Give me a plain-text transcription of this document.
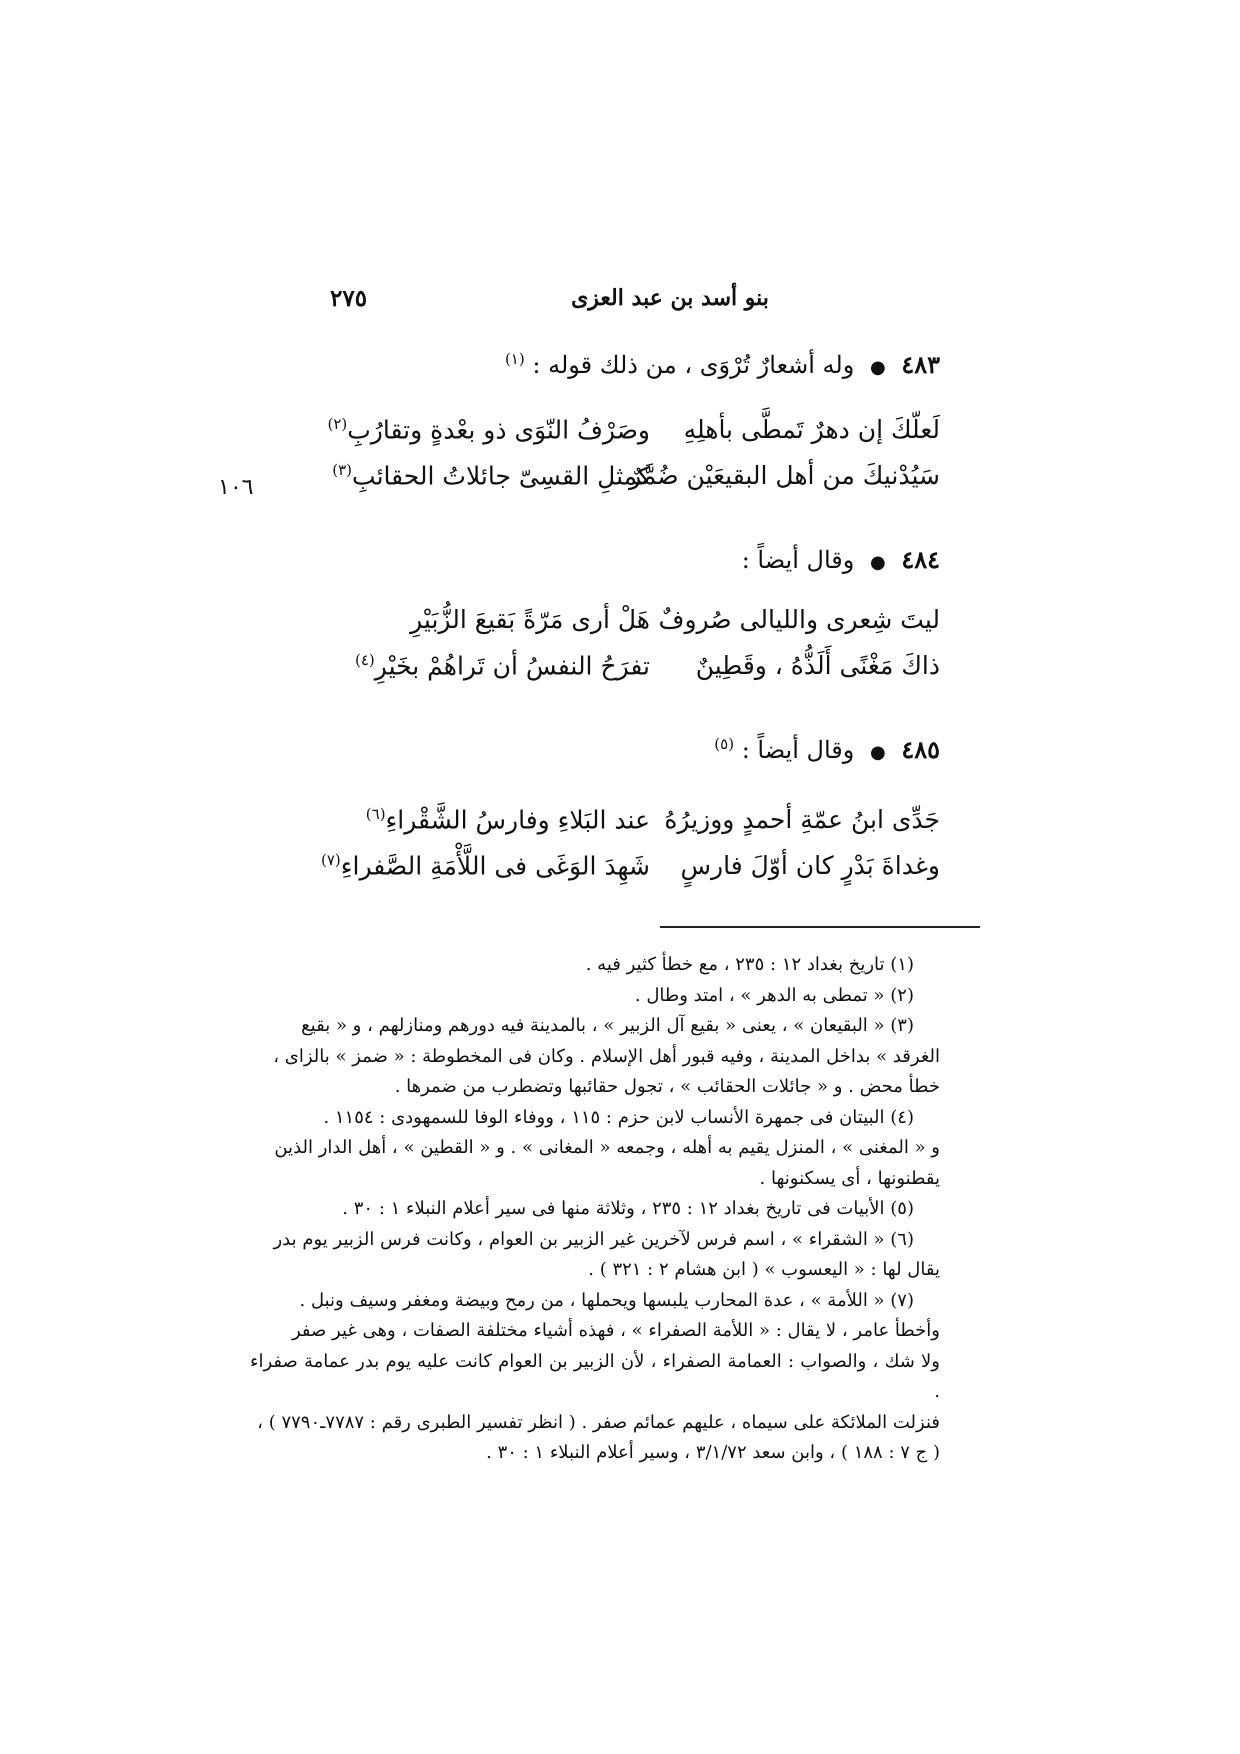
بنو أسد بن عبد العزى
٢٧٥
١٠٦
٤٨٣ ● وله أشعارٌ تُرْوَى ، من ذلك قوله : $^{(١)}$
لَعلّكَ إن دهرٌ تَمطَّى بأهلِهِ
وصَرْفُ النّوَى ذو بعْدةٍ وتقارُبِ$^{(٢)}$
سَيُدْنيكَ من أهل البقيعَيْن ضُمَّرٌ
كمثلِ القسِىّ جائلاتُ الحقائبِ$^{(٣)}$
٤٨٤ ● وقال أيضاً :
ليتَ شِعرى والليالى صُروفٌ
هَلْ أرى مَرّةً بَقيعَ الزُّبَيْرِ
ذاكَ مَغْنًى أَلَذُّهُ ، وقَطِينٌ
تفرَحُ النفسُ أن تَراهُمْ بخَيْرِ$^{(٤)}$
٤٨٥ ● وقال أيضاً : $^{(٥)}$
جَدِّى ابنُ عمّةِ أحمدٍ ووزيرُهُ
عند البَلاءِ وفارسُ الشَّقْراءِ$^{(٦)}$
وغداةَ بَدْرٍ كان أوّلَ فارسٍ
شَهِدَ الوَغَى فى اللَّأْمَةِ الصَّفراءِ$^{(٧)}$
(١) تاريخ بغداد ١٢ : ٢٣٥ ، مع خطأ كثير فيه .
(٢) « تمطى به الدهر » ، امتد وطال .
(٣) « البقيعان » ، يعنى « بقيع آل الزبير » ، بالمدينة فيه دورهم ومنازلهم ، و « بقيع
الغرقد » بداخل المدينة ، وفيه قبور أهل الإسلام . وكان فى المخطوطة : « ضمز » بالزاى ،
خطأ محض . و « جائلات الحقائب » ، تجول حقائبها وتضطرب من ضمرها .
(٤) البيتان فى جمهرة الأنساب لابن حزم : ١١٥ ، ووفاء الوفا للسمهودى : ١١٥٤ .
و « المغنى » ، المنزل يقيم به أهله ، وجمعه « المغانى » . و « القطين » ، أهل الدار الذين
يقطنونها ، أى يسكنونها .
(٥) الأبيات فى تاريخ بغداد ١٢ : ٢٣٥ ، وثلاثة منها فى سير أعلام النبلاء ١ : ٣٠ .
(٦) « الشقراء » ، اسم فرس لآخرين غير الزبير بن العوام ، وكانت فرس الزبير يوم بدر
يقال لها : « اليعسوب » ( ابن هشام ٢ : ٣٢١ ) .
(٧) « اللأمة » ، عدة المحارب يلبسها ويحملها ، من رمح وبيضة ومغفر وسيف ونبل .
وأخطأ عامر ، لا يقال : « اللأمة الصفراء » ، فهذه أشياء مختلفة الصفات ، وهى غير صفر
ولا شك ، والصواب : العمامة الصفراء ، لأن الزبير بن العوام كانت عليه يوم بدر عمامة صفراء .
فنزلت الملائكة على سيماه ، عليهم عمائم صفر . ( انظر تفسير الطبرى رقم : ٧٧٨٧ـ٧٧٩٠ ) ،
( ج ٧ : ١٨٨ ) ، وابن سعد ٣/١/٧٢ ، وسير أعلام النبلاء ١ : ٣٠ .
